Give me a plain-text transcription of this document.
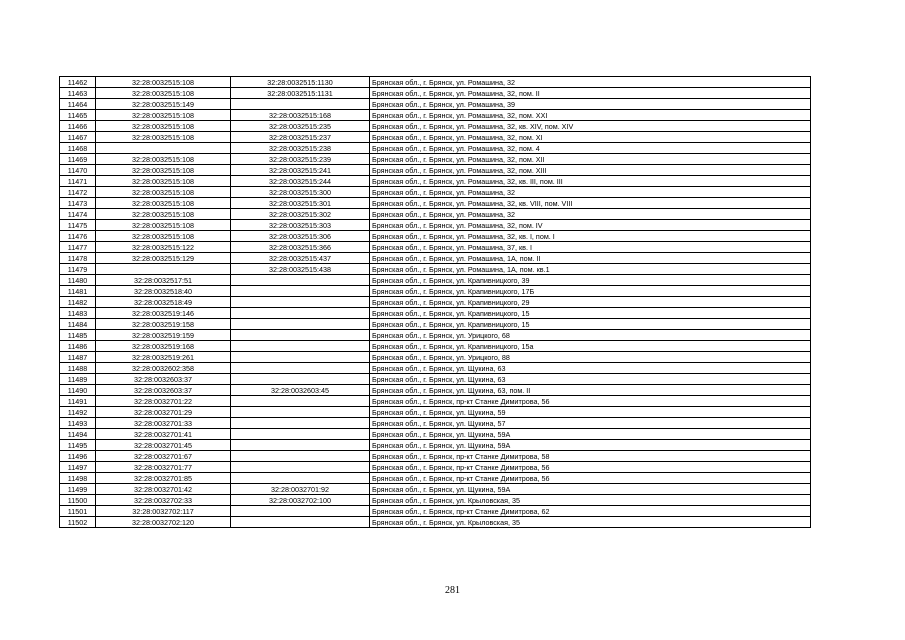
11462	32:28:0032515:108	32:28:0032515:1130	Брянская обл., г. Брянск, ул. Ромашина, 32
11463	32:28:0032515:108	32:28:0032515:1131	Брянская обл., г. Брянск, ул. Ромашина, 32, пом. II
11464	32:28:0032515:149		Брянская обл., г. Брянск, ул. Ромашина, 39
11465	32:28:0032515:108	32:28:0032515:168	Брянская обл., г. Брянск, ул. Ромашина, 32, пом. XXI
11466	32:28:0032515:108	32:28:0032515:235	Брянская обл., г. Брянск, ул. Ромашина, 32, кв. XIV, пом. XIV
11467	32:28:0032515:108	32:28:0032515:237	Брянская обл., г. Брянск, ул. Ромашина, 32, пом. XI
11468		32:28:0032515:238	Брянская обл., г. Брянск, ул. Ромашина, 32, пом. 4
11469	32:28:0032515:108	32:28:0032515:239	Брянская обл., г. Брянск, ул. Ромашина, 32, пом. XII
11470	32:28:0032515:108	32:28:0032515:241	Брянская обл., г. Брянск, ул. Ромашина, 32, пом. XIII
11471	32:28:0032515:108	32:28:0032515:244	Брянская обл., г. Брянск, ул. Ромашина, 32, кв. III, пом. III
11472	32:28:0032515:108	32:28:0032515:300	Брянская обл., г. Брянск, ул. Ромашина, 32
11473	32:28:0032515:108	32:28:0032515:301	Брянская обл., г. Брянск, ул. Ромашина, 32, кв. VIII, пом. VIII
11474	32:28:0032515:108	32:28:0032515:302	Брянская обл., г. Брянск, ул. Ромашина, 32
11475	32:28:0032515:108	32:28:0032515:303	Брянская обл., г. Брянск, ул. Ромашина, 32, пом. IV
11476	32:28:0032515:108	32:28:0032515:306	Брянская обл., г. Брянск, ул. Ромашина, 32, кв. I, пом. I
11477	32:28:0032515:122	32:28:0032515:366	Брянская обл., г. Брянск, ул. Ромашина, 37, кв. I
11478	32:28:0032515:129	32:28:0032515:437	Брянская обл., г. Брянск, ул. Ромашина, 1А, пом. II
11479		32:28:0032515:438	Брянская обл., г. Брянск, ул. Ромашина, 1А, пом. кв.1
11480	32:28:0032517:51		Брянская обл., г. Брянск, ул. Крапивницкого, 39
11481	32:28:0032518:40		Брянская обл., г. Брянск, ул. Крапивницкого, 17Б
11482	32:28:0032518:49		Брянская обл., г. Брянск, ул. Крапивницкого, 29
11483	32:28:0032519:146		Брянская обл., г. Брянск, ул. Крапивницкого, 15
11484	32:28:0032519:158		Брянская обл., г. Брянск, ул. Крапивницкого, 15
11485	32:28:0032519:159		Брянская обл., г. Брянск, ул. Урицкого, 68
11486	32:28:0032519:168		Брянская обл., г. Брянск, ул. Крапивницкого, 15а
11487	32:28:0032519:261		Брянская обл., г. Брянск, ул. Урицкого, 88
11488	32:28:0032602:358		Брянская обл., г. Брянск, ул. Щукина, 63
11489	32:28:0032603:37		Брянская обл., г. Брянск, ул. Щукина, 63
11490	32:28:0032603:37	32:28:0032603:45	Брянская обл., г. Брянск, ул. Щукина, 63, пом. II
11491	32:28:0032701:22		Брянская обл., г. Брянск, пр-кт Станке Димитрова, 56
11492	32:28:0032701:29		Брянская обл., г. Брянск, ул. Щукина, 59
11493	32:28:0032701:33		Брянская обл., г. Брянск, ул. Щукина, 57
11494	32:28:0032701:41		Брянская обл., г. Брянск, ул. Щукина, 59А
11495	32:28:0032701:45		Брянская обл., г. Брянск, ул. Щукина, 59А
11496	32:28:0032701:67		Брянская обл., г. Брянск, пр-кт Станке Димитрова, 58
11497	32:28:0032701:77		Брянская обл., г. Брянск, пр-кт Станке Димитрова, 56
11498	32:28:0032701:85		Брянская обл., г. Брянск, пр-кт Станке Димитрова, 56
11499	32:28:0032701:42	32:28:0032701:92	Брянская обл., г. Брянск, ул. Щукина, 59А
11500	32:28:0032702:33	32:28:0032702:100	Брянская обл., г. Брянск, ул. Крыловская, 35
11501	32:28:0032702:117		Брянская обл., г. Брянск, пр-кт Станке Димитрова, 62
11502	32:28:0032702:120		Брянская обл., г. Брянск, ул. Крыловская, 35
281
